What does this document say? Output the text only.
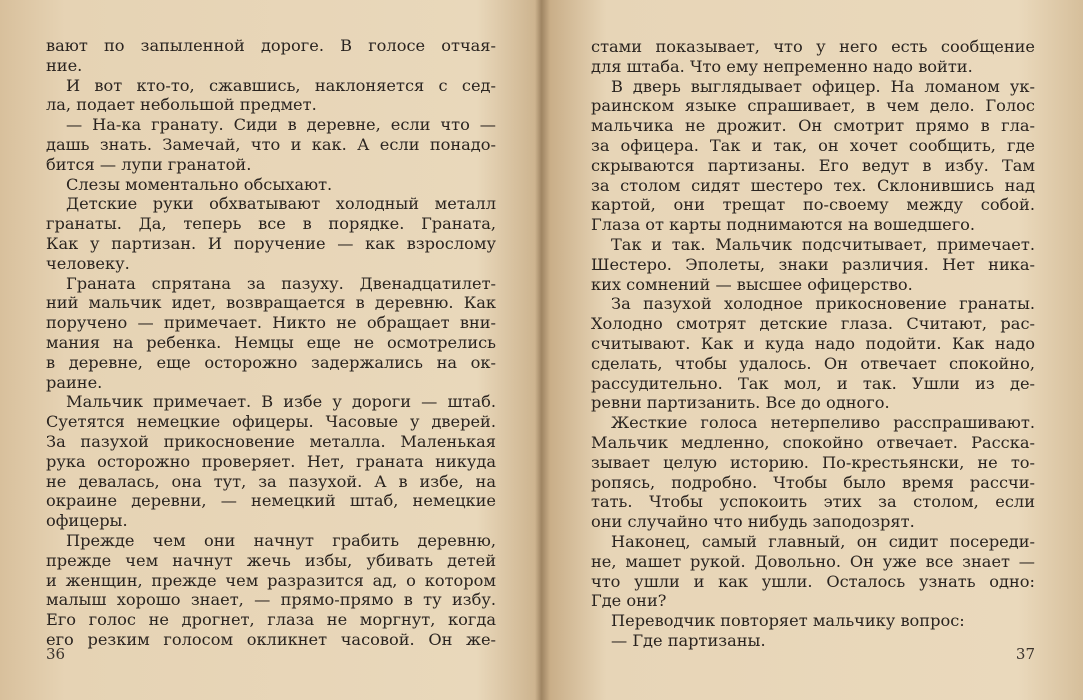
вают по запыленной дороге. В голосе отчая-
ние.
И вот кто-то, сжавшись, наклоняется с сед-
ла, подает небольшой предмет.
— На-ка гранату. Сиди в деревне, если что —
дашь знать. Замечай, что и как. А если понадо-
бится — лупи гранатой.
Слезы моментально обсыхают.
Детские руки обхватывают холодный металл
гранаты. Да, теперь все в порядке. Граната,
Как у партизан. И поручение — как взрослому
человеку.
Граната спрятана за пазуху. Двенадцатилет-
ний мальчик идет, возвращается в деревню. Как
поручено — примечает. Никто не обращает вни-
мания на ребенка. Немцы еще не осмотрелись
в деревне, еще осторожно задержались на ок-
раине.
Мальчик примечает. В избе у дороги — штаб.
Суетятся немецкие офицеры. Часовые у дверей.
За пазухой прикосновение металла. Маленькая
рука осторожно проверяет. Нет, граната никуда
не девалась, она тут, за пазухой. А в избе, на
окраине деревни, — немецкий штаб, немецкие
офицеры.
Прежде чем они начнут грабить деревню,
прежде чем начнут жечь избы, убивать детей
и женщин, прежде чем разразится ад, о котором
малыш хорошо знает, — прямо-прямо в ту избу.
Его голос не дрогнет, глаза не моргнут, когда
его резким голосом окликнет часовой. Он же-
36
стами показывает, что у него есть сообщение
для штаба. Что ему непременно надо войти.
В дверь выглядывает офицер. На ломаном ук-
раинском языке спрашивает, в чем дело. Голос
мальчика не дрожит. Он смотрит прямо в гла-
за офицера. Так и так, он хочет сообщить, где
скрываются партизаны. Его ведут в избу. Там
за столом сидят шестеро тех. Склонившись над
картой, они трещат по-своему между собой.
Глаза от карты поднимаются на вошедшего.
Так и так. Мальчик подсчитывает, примечает.
Шестеро. Эполеты, знаки различия. Нет ника-
ких сомнений — высшее офицерство.
За пазухой холодное прикосновение гранаты.
Холодно смотрят детские глаза. Считают, рас-
считывают. Как и куда надо подойти. Как надо
сделать, чтобы удалось. Он отвечает спокойно,
рассудительно. Так мол, и так. Ушли из де-
ревни партизанить. Все до одного.
Жесткие голоса нетерпеливо расспрашивают.
Мальчик медленно, спокойно отвечает. Расска-
зывает целую историю. По-крестьянски, не то-
ропясь, подробно. Чтобы было время рассчи-
тать. Чтобы успокоить этих за столом, если
они случайно что нибудь заподозрят.
Наконец, самый главный, он сидит посереди-
не, машет рукой. Довольно. Он уже все знает —
что ушли и как ушли. Осталось узнать одно:
Где они?
Переводчик повторяет мальчику вопрос:
— Где партизаны.
37
